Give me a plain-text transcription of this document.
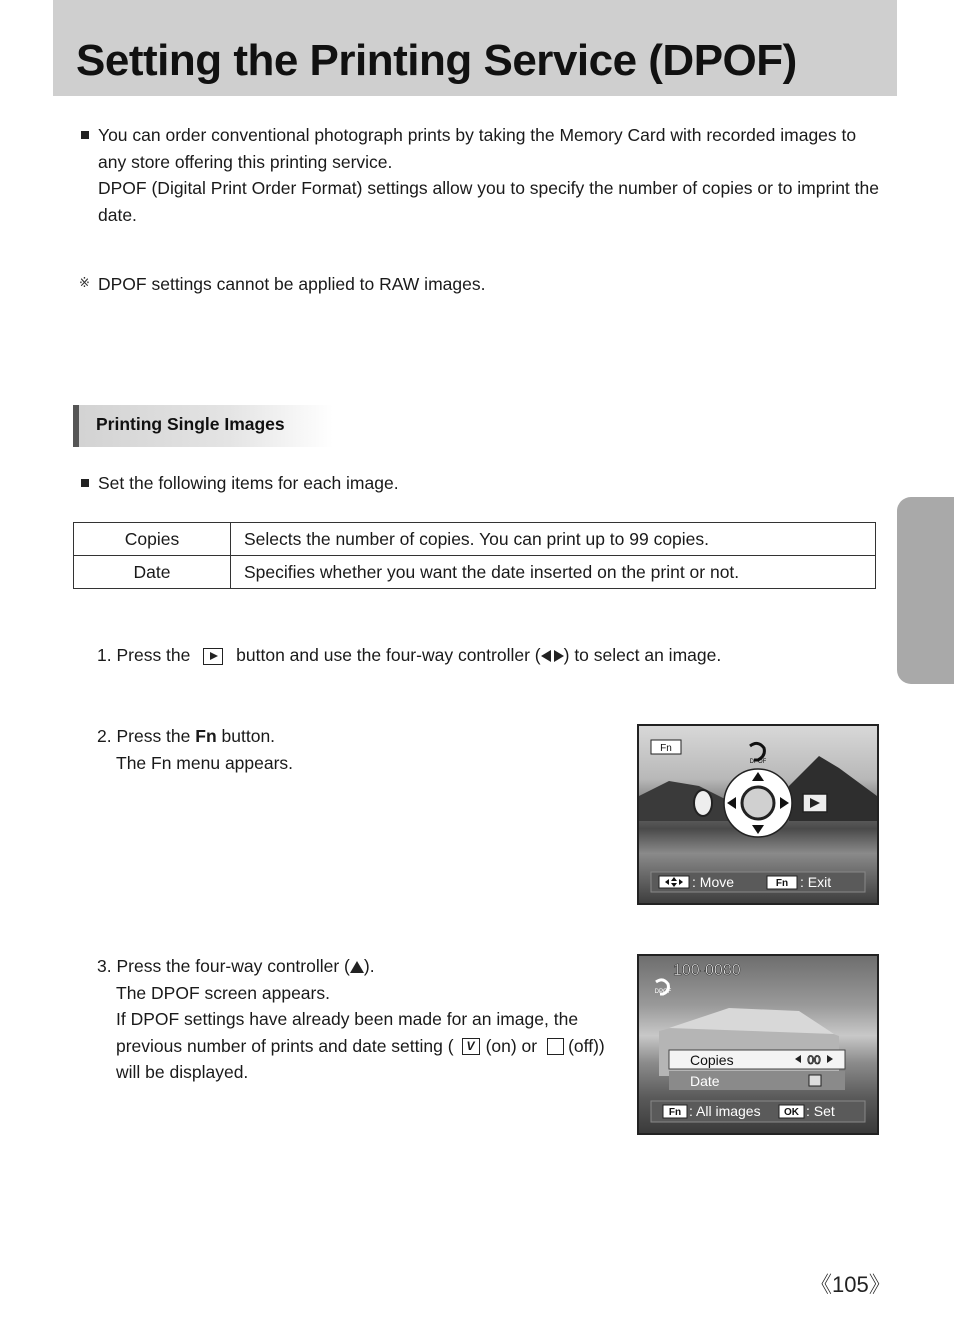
Setting the Printing Service (DPOF)
You can order conventional photograph prints by taking the Memory Card with recorded images to
any store offering this printing service.
DPOF (Digital Print Order Format) settings allow you to specify the number of copies or to imprint the
date.
※ DPOF settings cannot be applied to RAW images.
Printing Single Images
Set the following items for each image.
Copies	Selects the number of copies. You can print up to 99 copies.
Date	Specifies whether you want the date inserted on the print or not.
1. Press the	button and use the four-way controller ( ) to select an image.
2. Press the Fn button.
The Fn menu appears.
3. Press the four-way controller ( ).
The DPOF screen appears.
If DPOF settings have already been made for an image, the
previous number of prints and date setting ( V (on) or (off))
will be displayed.
Fn
DPOF
: Move	Fn : Exit
100-0080
DPOF
Copies	00
Date
Fn : All images OK : Set
《105》
